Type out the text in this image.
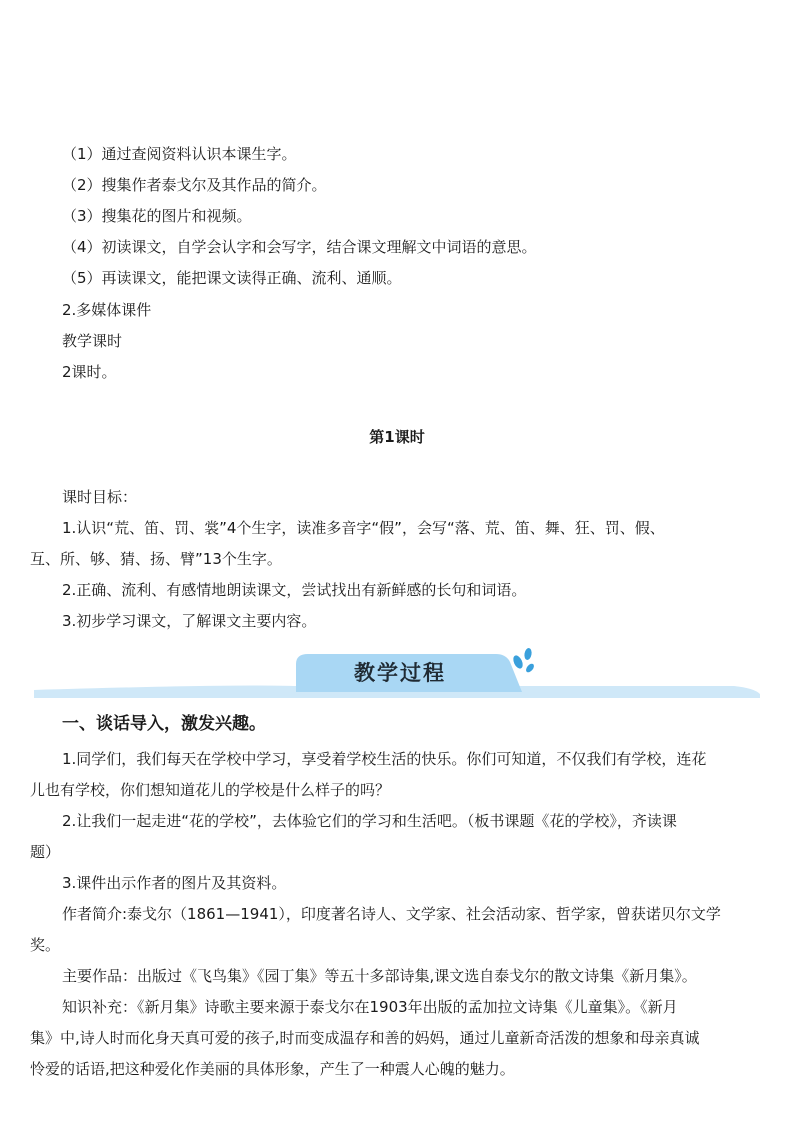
（1）通过查阅资料认识本课生字。
（2）搜集作者泰戈尔及其作品的简介。
（3）搜集花的图片和视频。
（4）初读课文，自学会认字和会写字，结合课文理解文中词语的意思。
（5）再读课文，能把课文读得正确、流利、通顺。
2.多媒体课件
教学课时
2课时。
第1课时
课时目标：
1.认识“荒、笛、罚、裳”4个生字，读准多音字“假”，会写“落、荒、笛、舞、狂、罚、假、
互、所、够、猜、扬、臂”13个生字。
2.正确、流利、有感情地朗读课文，尝试找出有新鲜感的长句和词语。
3.初步学习课文，了解课文主要内容。
教学过程
一、谈话导入，激发兴趣。
1.同学们，我们每天在学校中学习，享受着学校生活的快乐。你们可知道，不仅我们有学校，连花
儿也有学校，你们想知道花儿的学校是什么样子的吗？
2.让我们一起走进“花的学校”，去体验它们的学习和生活吧。（板书课题《花的学校》，齐读课
题）
3.课件出示作者的图片及其资料。
作者简介:泰戈尔（1861—1941），印度著名诗人、文学家、社会活动家、哲学家，曾获诺贝尔文学
奖。
主要作品：出版过《飞鸟集》《园丁集》等五十多部诗集,课文选自泰戈尔的散文诗集《新月集》。
知识补充：《新月集》诗歌主要来源于泰戈尔在1903年出版的孟加拉文诗集《儿童集》。《新月
集》中,诗人时而化身天真可爱的孩子,时而变成温存和善的妈妈，通过儿童新奇活泼的想象和母亲真诚
怜爱的话语,把这种爱化作美丽的具体形象，产生了一种震人心魄的魅力。
